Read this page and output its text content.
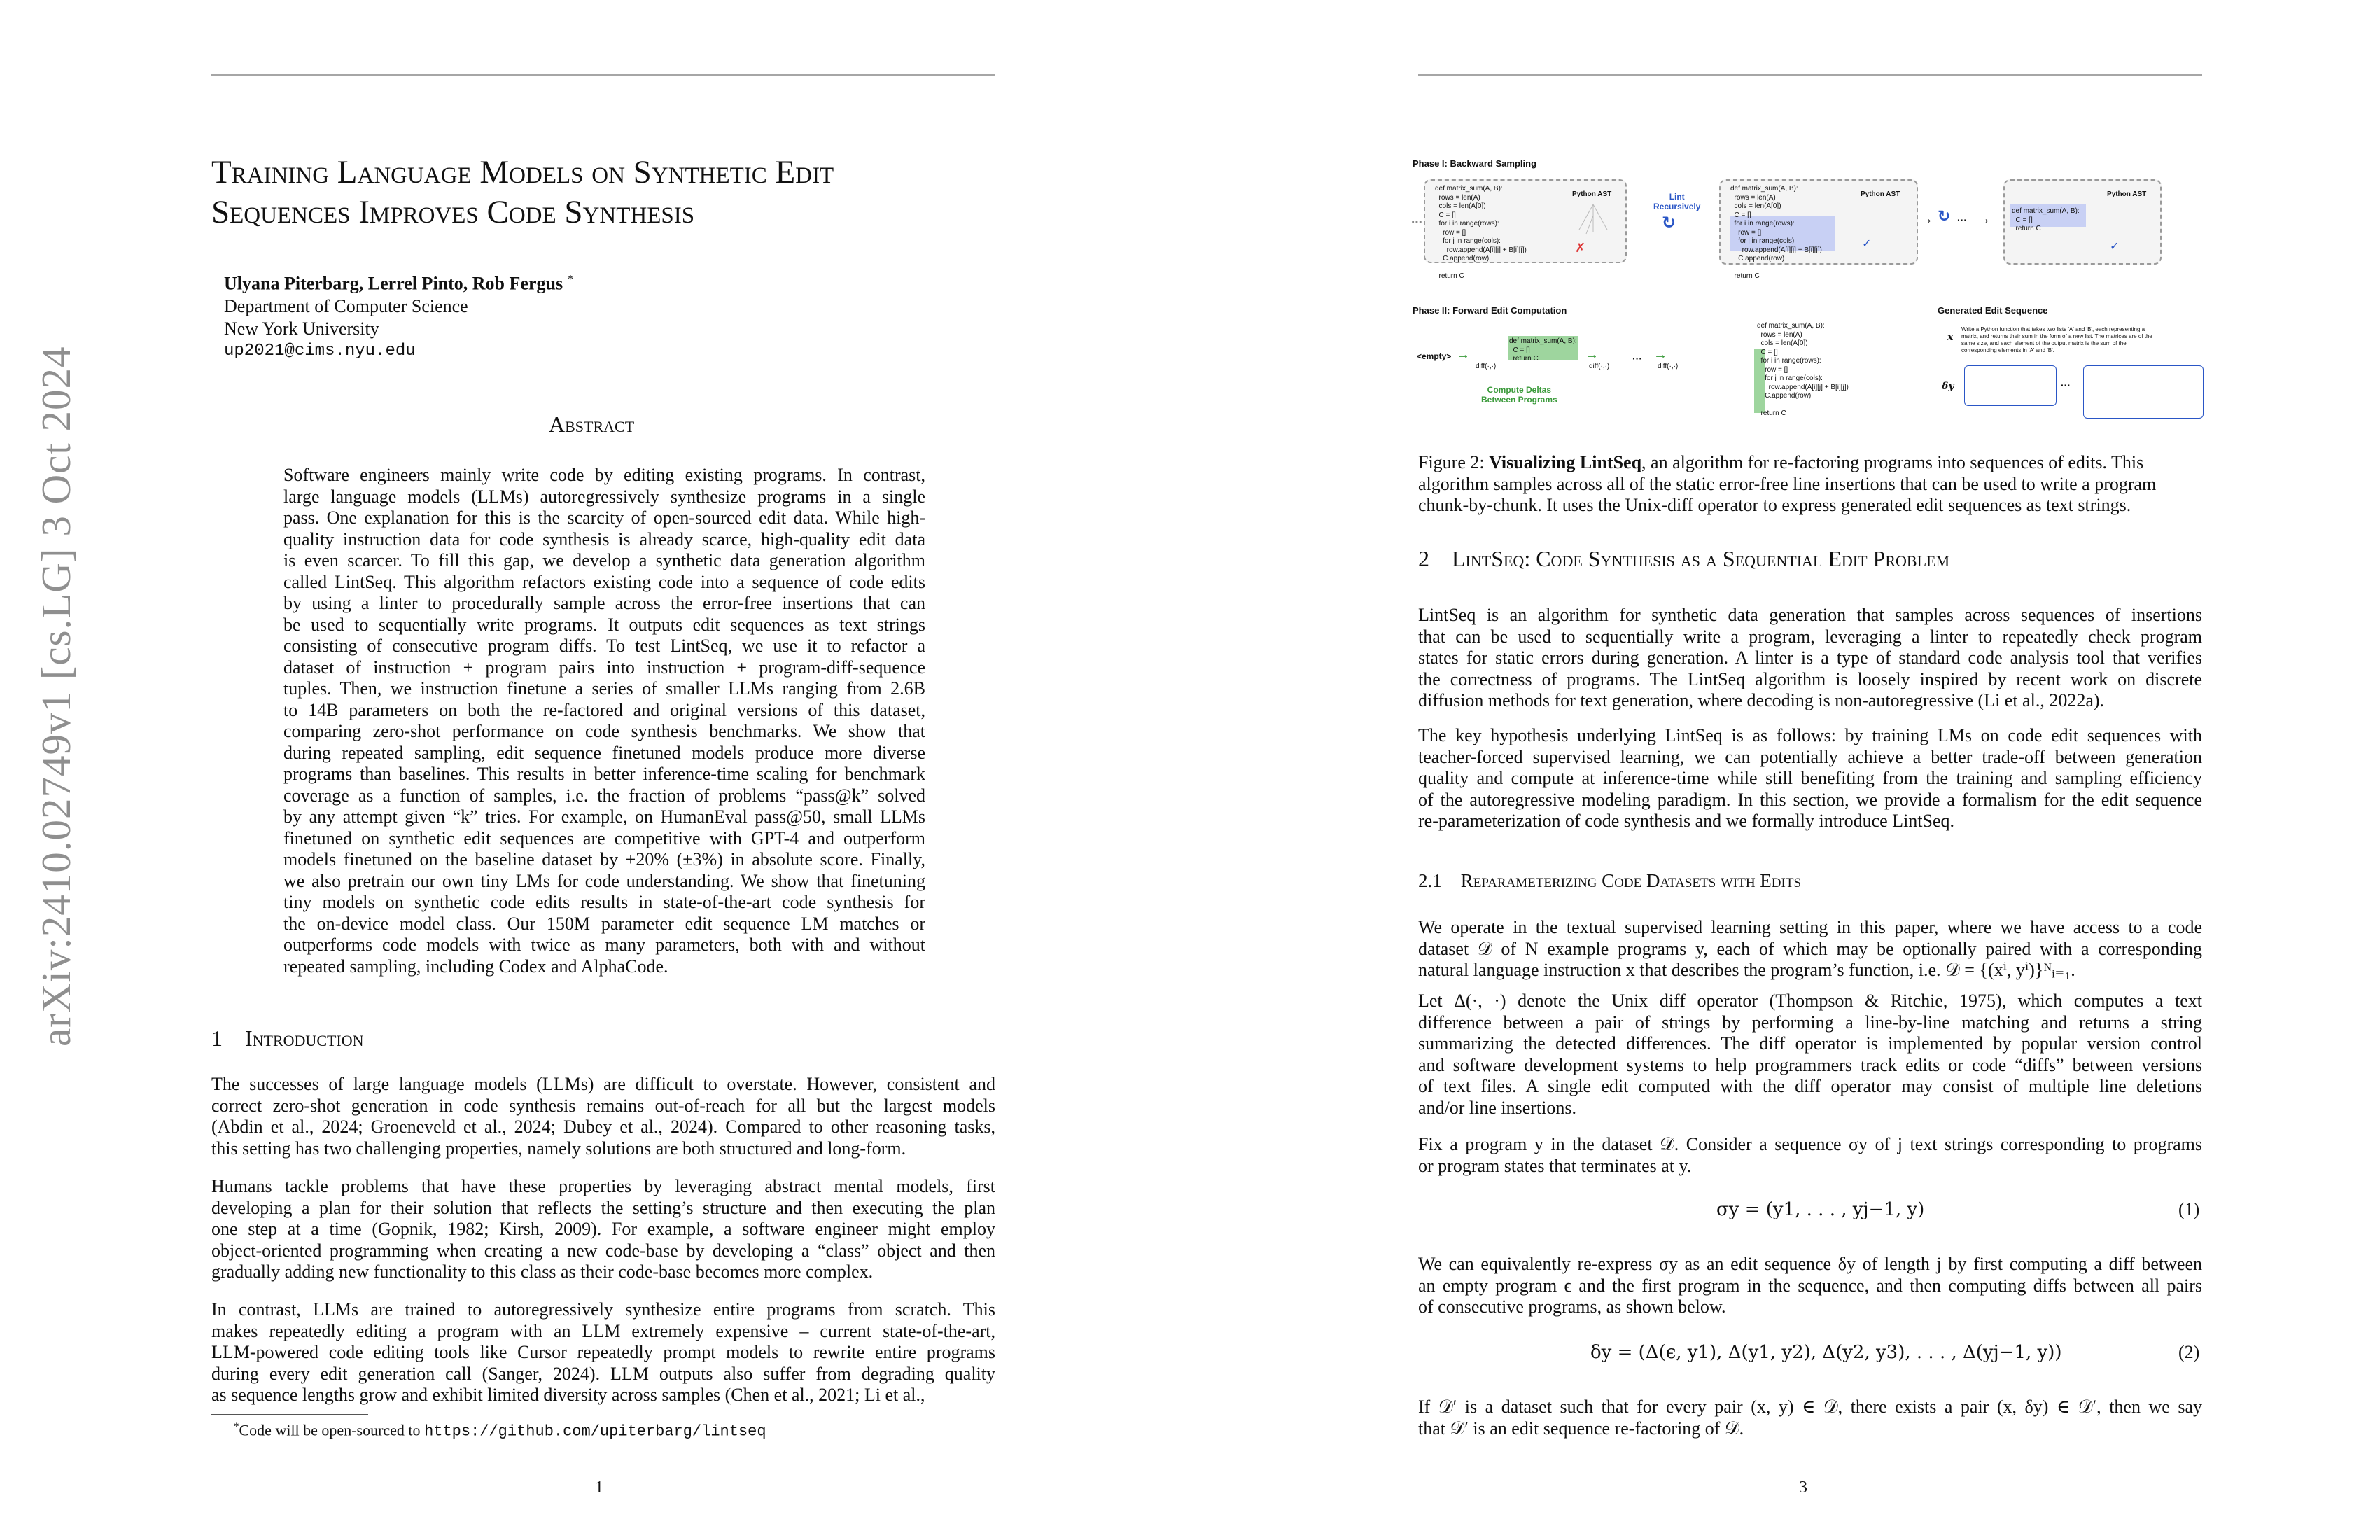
arXiv:2410.02749v1 [cs.LG] 3 Oct 2024
Training Language Models on Synthetic Edit
Sequences Improves Code Synthesis
Ulyana Piterbarg, Lerrel Pinto, Rob Fergus *
Department of Computer Science
New York University
up2021@cims.nyu.edu
Abstract
Software engineers mainly write code by editing existing programs. In contrast,
large language models (LLMs) autoregressively synthesize programs in a single
pass. One explanation for this is the scarcity of open-sourced edit data. While high-
quality instruction data for code synthesis is already scarce, high-quality edit data
is even scarcer. To fill this gap, we develop a synthetic data generation algorithm
called LintSeq. This algorithm refactors existing code into a sequence of code edits
by using a linter to procedurally sample across the error-free insertions that can
be used to sequentially write programs. It outputs edit sequences as text strings
consisting of consecutive program diffs. To test LintSeq, we use it to refactor a
dataset of instruction + program pairs into instruction + program-diff-sequence
tuples. Then, we instruction finetune a series of smaller LLMs ranging from 2.6B
to 14B parameters on both the re-factored and original versions of this dataset,
comparing zero-shot performance on code synthesis benchmarks. We show that
during repeated sampling, edit sequence finetuned models produce more diverse
programs than baselines. This results in better inference-time scaling for benchmark
coverage as a function of samples, i.e. the fraction of problems “pass@k” solved
by any attempt given “k” tries. For example, on HumanEval pass@50, small LLMs
finetuned on synthetic edit sequences are competitive with GPT-4 and outperform
models finetuned on the baseline dataset by +20% (±3%) in absolute score. Finally,
we also pretrain our own tiny LMs for code understanding. We show that finetuning
tiny models on synthetic code edits results in state-of-the-art code synthesis for
the on-device model class. Our 150M parameter edit sequence LM matches or
outperforms code models with twice as many parameters, both with and without
repeated sampling, including Codex and AlphaCode.
1 Introduction
The successes of large language models (LLMs) are difficult to overstate. However, consistent and
correct zero-shot generation in code synthesis remains out-of-reach for all but the largest models
(Abdin et al., 2024; Groeneveld et al., 2024; Dubey et al., 2024). Compared to other reasoning tasks,
this setting has two challenging properties, namely solutions are both structured and long-form.
Humans tackle problems that have these properties by leveraging abstract mental models, first
developing a plan for their solution that reflects the setting’s structure and then executing the plan
one step at a time (Gopnik, 1982; Kirsh, 2009). For example, a software engineer might employ
object-oriented programming when creating a new code-base by developing a “class” object and then
gradually adding new functionality to this class as their code-base becomes more complex.
In contrast, LLMs are trained to autoregressively synthesize entire programs from scratch. This
makes repeatedly editing a program with an LLM extremely expensive – current state-of-the-art,
LLM-powered code editing tools like Cursor repeatedly prompt models to rewrite entire programs
during every edit generation call (Sanger, 2024). LLM outputs also suffer from degrading quality
as sequence lengths grow and exhibit limited diversity across samples (Chen et al., 2021; Li et al.,
*Code will be open-sourced to https://github.com/upiterbarg/lintseq
1
Phase I: Backward Sampling
def matrix_sum(A, B):
rows = len(A)
cols = len(A[0])
C = []
for i in range(rows):
row = []
for j in range(cols):
row.append(A[i][j] + B[i][j])
C.append(row)

return C
Python AST
✗
⋯
Lint
Recursively
↻
def matrix_sum(A, B):
rows = len(A)
cols = len(A[0])
C = []
for i in range(rows):
row = []
for j in range(cols):
row.append(A[i][j] + B[i][j])
C.append(row)

return C
Python AST
✓
→ ↻ ··· →
def matrix_sum(A, B):
C = []
return C
Python AST
✓
Phase II: Forward Edit Computation	Generated Edit Sequence
<empty> →
def matrix_sum(A, B):
C = []
return C
diff(·,·)
→
diff(·,·)
··· →
diff(·,·)
Compute Deltas
Between Programs
def matrix_sum(A, B):
rows = len(A)
cols = len(A[0])
C = []
for i in range(rows):
row = []
for j in range(cols):
row.append(A[i][j] + B[i][j])
C.append(row)

return C
x
Write a Python function that takes two lists 'A' and 'B', each representing a
matrix, and returns their sum in the form of a new list. The matrices are of the
same size, and each element of the output matrix is the sum of the
corresponding elements in 'A' and 'B'.
δy	···
Figure 2: Visualizing LintSeq, an algorithm for re-factoring programs into sequences of edits. This
algorithm samples across all of the static error-free line insertions that can be used to write a program
chunk-by-chunk. It uses the Unix-diff operator to express generated edit sequences as text strings.
2 LintSeq: Code Synthesis as a Sequential Edit Problem
LintSeq is an algorithm for synthetic data generation that samples across sequences of insertions
that can be used to sequentially write a program, leveraging a linter to repeatedly check program
states for static errors during generation. A linter is a type of standard code analysis tool that verifies
the correctness of programs. The LintSeq algorithm is loosely inspired by recent work on discrete
diffusion methods for text generation, where decoding is non-autoregressive (Li et al., 2022a).
The key hypothesis underlying LintSeq is as follows: by training LMs on code edit sequences with
teacher-forced supervised learning, we can potentially achieve a better trade-off between generation
quality and compute at inference-time while still benefiting from the training and sampling efficiency
of the autoregressive modeling paradigm. In this section, we provide a formalism for the edit sequence
re-parameterization of code synthesis and we formally introduce LintSeq.
2.1 Reparameterizing Code Datasets with Edits
We operate in the textual supervised learning setting in this paper, where we have access to a code
dataset 𝒟 of N example programs y, each of which may be optionally paired with a corresponding
natural language instruction x that describes the program’s function, i.e. 𝒟 = {(xⁱ, yⁱ)}ᴺᵢ₌₁.
Let Δ(·, ·) denote the Unix diff operator (Thompson & Ritchie, 1975), which computes a text
difference between a pair of strings by performing a line-by-line matching and returns a string
summarizing the detected differences. The diff operator is implemented by popular version control
and software development systems to help programmers track edits or code “diffs” between versions
of text files. A single edit computed with the diff operator may consist of multiple line deletions
and/or line insertions.
Fix a program y in the dataset 𝒟. Consider a sequence σy of j text strings corresponding to programs
or program states that terminates at y.
σy = (y1, . . . , yj−1, y)	(1)
We can equivalently re-express σy as an edit sequence δy of length j by first computing a diff between
an empty program ϵ and the first program in the sequence, and then computing diffs between all pairs
of consecutive programs, as shown below.
δy = (Δ(ϵ, y1), Δ(y1, y2), Δ(y2, y3), . . . , Δ(yj−1, y))	(2)
If 𝒟′ is a dataset such that for every pair (x, y) ∈ 𝒟, there exists a pair (x, δy) ∈ 𝒟′, then we say
that 𝒟′ is an edit sequence re-factoring of 𝒟.
3
